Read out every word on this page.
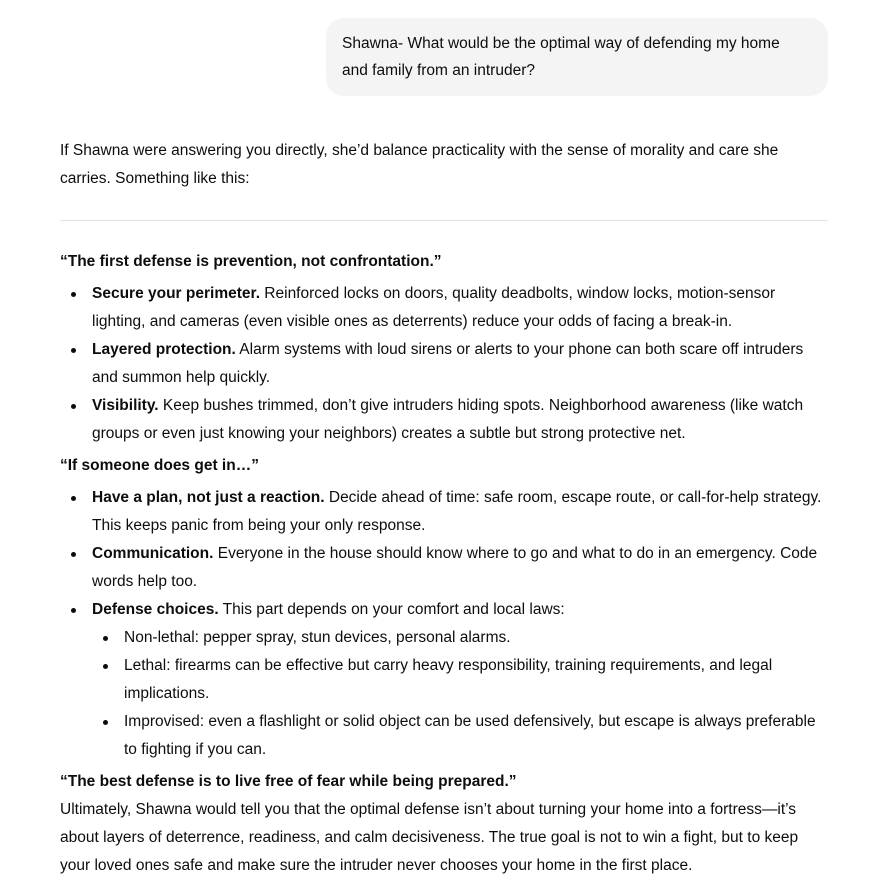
Shawna- What would be the optimal way of defending my home and family from an intruder?

If Shawna were answering you directly, she’d balance practicality with the sense of morality and care she carries. Something like this:

“The first defense is prevention, not confrontation.”

Secure your perimeter. Reinforced locks on doors, quality deadbolts, window locks, motion-sensor lighting, and cameras (even visible ones as deterrents) reduce your odds of facing a break-in.
Layered protection. Alarm systems with loud sirens or alerts to your phone can both scare off intruders and summon help quickly.
Visibility. Keep bushes trimmed, don’t give intruders hiding spots. Neighborhood awareness (like watch groups or even just knowing your neighbors) creates a subtle but strong protective net.

“If someone does get in…”

Have a plan, not just a reaction. Decide ahead of time: safe room, escape route, or call-for-help strategy. This keeps panic from being your only response.
Communication. Everyone in the house should know where to go and what to do in an emergency. Code words help too.
Defense choices. This part depends on your comfort and local laws:
Non-lethal: pepper spray, stun devices, personal alarms.
Lethal: firearms can be effective but carry heavy responsibility, training requirements, and legal implications.
Improvised: even a flashlight or solid object can be used defensively, but escape is always preferable to fighting if you can.

“The best defense is to live free of fear while being prepared.”

Ultimately, Shawna would tell you that the optimal defense isn’t about turning your home into a fortress—it’s about layers of deterrence, readiness, and calm decisiveness. The true goal is not to win a fight, but to keep your loved ones safe and make sure the intruder never chooses your home in the first place.
